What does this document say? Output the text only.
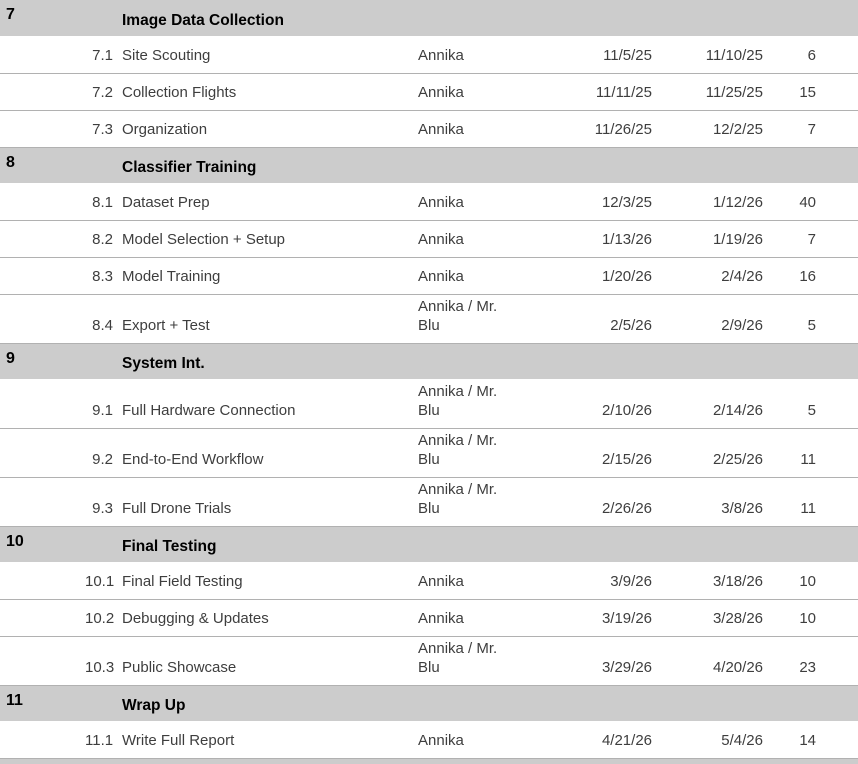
7		Image Data Collection					
	7.1	Site Scouting	Annika	11/5/25	11/10/25	6	
	7.2	Collection Flights	Annika	11/11/25	11/25/25	15	
	7.3	Organization	Annika	11/26/25	12/2/25	7	
8		Classifier Training					
	8.1	Dataset Prep	Annika	12/3/25	1/12/26	40	
	8.2	Model Selection + Setup	Annika	1/13/26	1/19/26	7	
	8.3	Model Training	Annika	1/20/26	2/4/26	16	
	8.4	Export + Test	Annika / Mr. Blu	2/5/26	2/9/26	5	
9		System Int.					
	9.1	Full Hardware Connection	Annika / Mr. Blu	2/10/26	2/14/26	5	
	9.2	End-to-End Workflow	Annika / Mr. Blu	2/15/26	2/25/26	11	
	9.3	Full Drone Trials	Annika / Mr. Blu	2/26/26	3/8/26	11	
10		Final Testing					
	10.1	Final Field Testing	Annika	3/9/26	3/18/26	10	
	10.2	Debugging & Updates	Annika	3/19/26	3/28/26	10	
	10.3	Public Showcase	Annika / Mr. Blu	3/29/26	4/20/26	23	
11		Wrap Up					
	11.1	Write Full Report	Annika	4/21/26	5/4/26	14	
